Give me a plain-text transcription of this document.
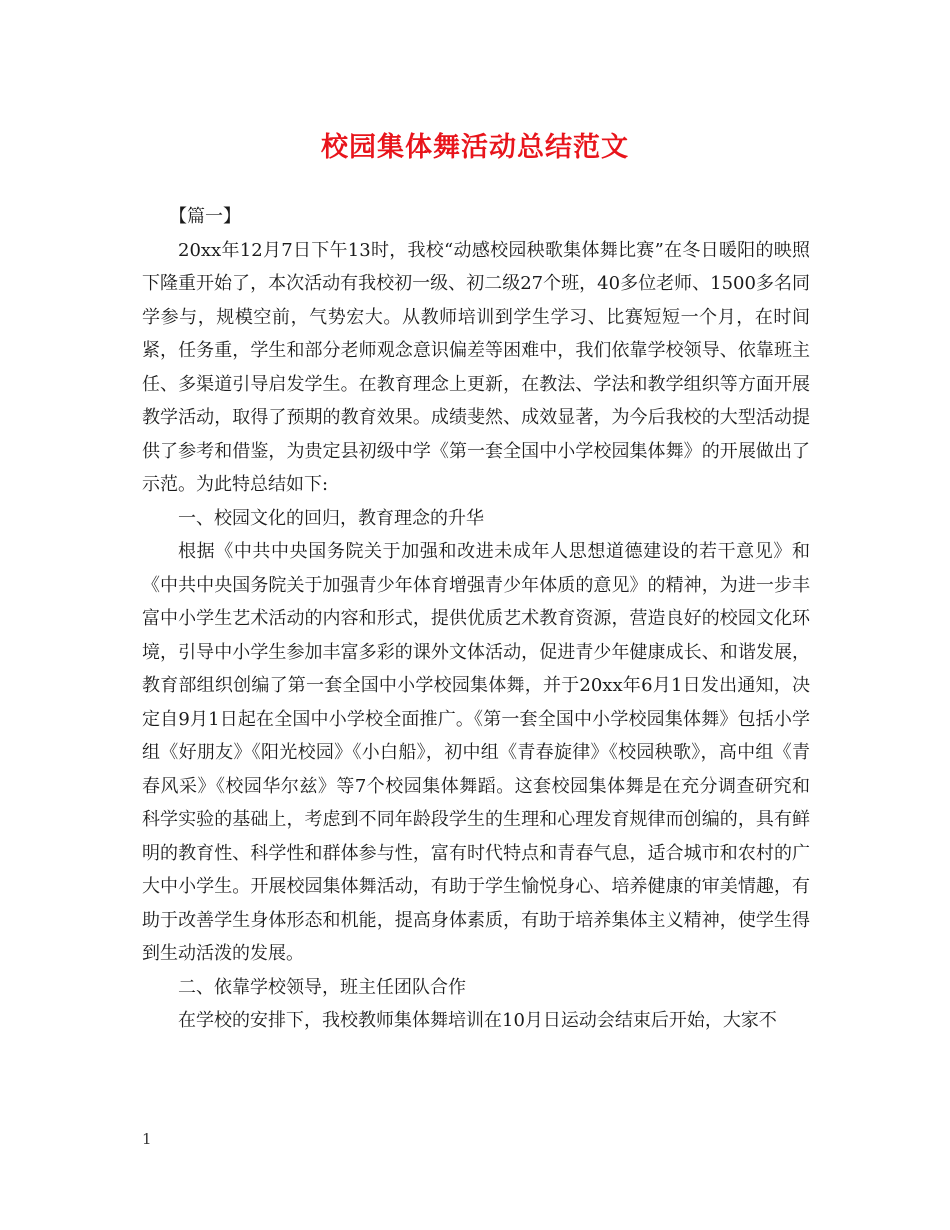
校园集体舞活动总结范文

【篇一】

20xx年12月7日下午13时，我校“动感校园秧歌集体舞比赛”在冬日暖阳的映照下隆重开始了，本次活动有我校初一级、初二级27个班，40多位老师、1500多名同学参与，规模空前，气势宏大。从教师培训到学生学习、比赛短短一个月，在时间紧，任务重，学生和部分老师观念意识偏差等困难中，我们依靠学校领导、依靠班主任、多渠道引导启发学生。在教育理念上更新，在教法、学法和教学组织等方面开展教学活动，取得了预期的教育效果。成绩斐然、成效显著，为今后我校的大型活动提供了参考和借鉴，为贵定县初级中学《第一套全国中小学校园集体舞》的开展做出了示范。为此特总结如下:

一、校园文化的回归，教育理念的升华

根据《中共中央国务院关于加强和改进未成年人思想道德建设的若干意见》和《中共中央国务院关于加强青少年体育增强青少年体质的意见》的精神，为进一步丰富中小学生艺术活动的内容和形式，提供优质艺术教育资源，营造良好的校园文化环境，引导中小学生参加丰富多彩的课外文体活动，促进青少年健康成长、和谐发展，教育部组织创编了第一套全国中小学校园集体舞，并于20xx年6月1日发出通知，决定自9月1日起在全国中小学校全面推广。《第一套全国中小学校园集体舞》包括小学组《好朋友》《阳光校园》《小白船》，初中组《青春旋律》《校园秧歌》，高中组《青春风采》《校园华尔兹》等7个校园集体舞蹈。这套校园集体舞是在充分调查研究和科学实验的基础上，考虑到不同年龄段学生的生理和心理发育规律而创编的，具有鲜明的教育性、科学性和群体参与性，富有时代特点和青春气息，适合城市和农村的广大中小学生。开展校园集体舞活动，有助于学生愉悦身心、培养健康的审美情趣，有助于改善学生身体形态和机能，提高身体素质，有助于培养集体主义精神，使学生得到生动活泼的发展。

二、依靠学校领导，班主任团队合作

在学校的安排下，我校教师集体舞培训在10月日运动会结束后开始，大家不

1
